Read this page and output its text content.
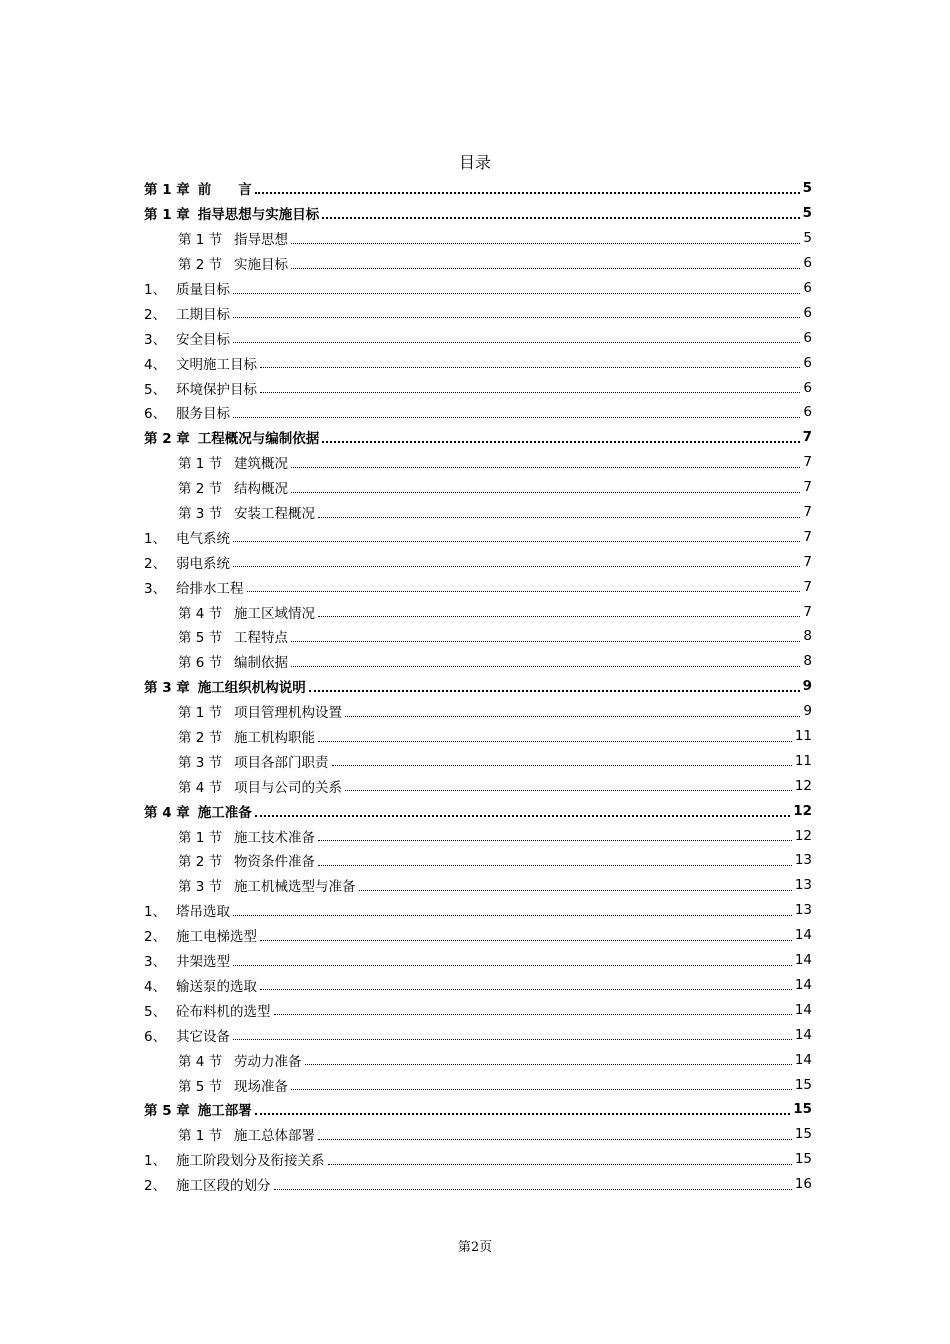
目录
第 1 章 前　　言	5
第 1 章 指导思想与实施目标	5
第 1 节 指导思想	5
第 2 节 实施目标	6
1、 质量目标	6
2、 工期目标	6
3、 安全目标	6
4、 文明施工目标	6
5、 环境保护目标	6
6、 服务目标	6
第 2 章 工程概况与编制依据	7
第 1 节 建筑概况	7
第 2 节 结构概况	7
第 3 节 安装工程概况	7
1、 电气系统	7
2、 弱电系统	7
3、 给排水工程	7
第 4 节 施工区域情况	7
第 5 节 工程特点	8
第 6 节 编制依据	8
第 3 章 施工组织机构说明	9
第 1 节 项目管理机构设置	9
第 2 节 施工机构职能	11
第 3 节 项目各部门职责	11
第 4 节 项目与公司的关系	12
第 4 章 施工准备	12
第 1 节 施工技术准备	12
第 2 节 物资条件准备	13
第 3 节 施工机械选型与准备	13
1、 塔吊选取	13
2、 施工电梯选型	14
3、 井架选型	14
4、 输送泵的选取	14
5、 砼布料机的选型	14
6、 其它设备	14
第 4 节 劳动力准备	14
第 5 节 现场准备	15
第 5 章 施工部署	15
第 1 节 施工总体部署	15
1、 施工阶段划分及衔接关系	15
2、 施工区段的划分	16
第2页
